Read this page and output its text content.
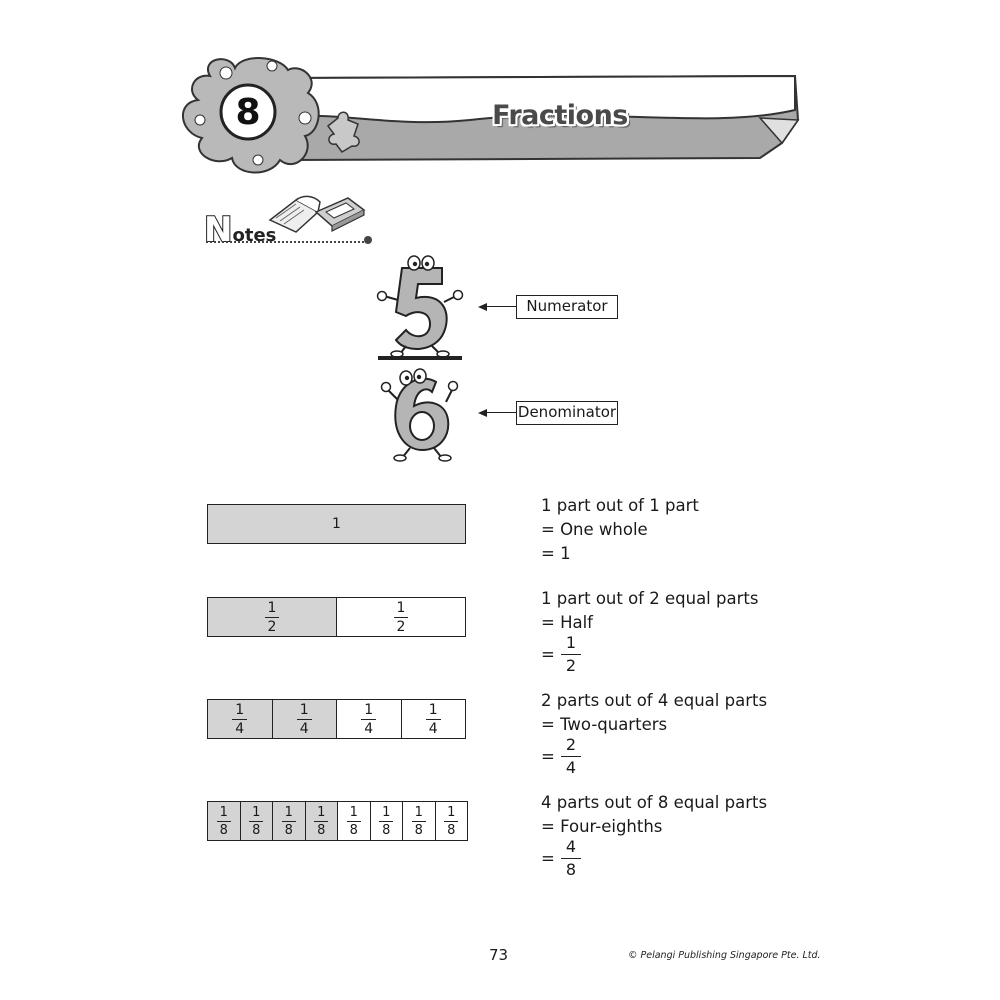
8	Fractions
Notes
Numerator
Denominator
1
1 part out of 1 part
= One whole
= 1
$\frac{1}{2}$	$\frac{1}{2}$
1 part out of 2 equal parts
= Half
= $\frac{1}{2}$
$\frac{1}{4}$	$\frac{1}{4}$	$\frac{1}{4}$	$\frac{1}{4}$
2 parts out of 4 equal parts
= Two-quarters
= $\frac{2}{4}$
$\frac{1}{8} \frac{1}{8} \frac{1}{8} \frac{1}{8} \frac{1}{8} \frac{1}{8} \frac{1}{8} \frac{1}{8}$
4 parts out of 8 equal parts
= Four-eighths
= $\frac{4}{8}$
73	© Pelangi Publishing Singapore Pte. Ltd.
